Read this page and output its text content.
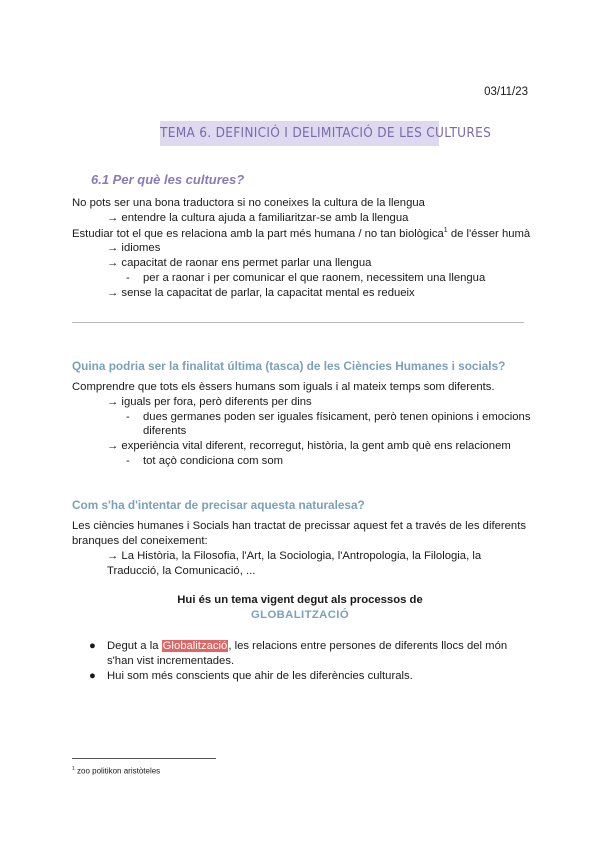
03/11/23
TEMA 6. DEFINICIÓ I DELIMITACIÓ DE LES CULTURES
6.1 Per què les cultures?
No pots ser una bona traductora si no coneixes la cultura de la llengua
→ entendre la cultura ajuda a familiaritzar-se amb la llengua
Estudiar tot el que es relaciona amb la part més humana / no tan biològica$^1$ de l'ésser humà
→ idiomes
→ capacitat de raonar ens permet parlar una llengua
- per a raonar i per comunicar el que raonem, necessitem una llengua
→ sense la capacitat de parlar, la capacitat mental es redueix
Quina podria ser la finalitat última (tasca) de les Ciències Humanes i socials?
Comprendre que tots els èssers humans som iguals i al mateix temps som diferents.
→ iguals per fora, però diferents per dins
- dues germanes poden ser iguales físicament, però tenen opinions i emocions
diferents
→ experiència vital diferent, recorregut, història, la gent amb què ens relacionem
- tot açò condiciona com som
Com s'ha d'intentar de precisar aquesta naturalesa?
Les ciències humanes i Socials han tractat de precissar aquest fet a través de les diferents
branques del coneixement:
→ La Història, la Filosofia, l'Art, la Sociologia, l'Antropologia, la Filologia, la
Traducció, la Comunicació, ...
Hui és un tema vigent degut als processos de
GLOBALITZACIÓ
● Degut a la Globalització, les relacions entre persones de diferents llocs del món
s'han vist incrementades.
● Hui som més conscients que ahir de les diferències culturals.
$^1$ zoo politikon aristòteles
